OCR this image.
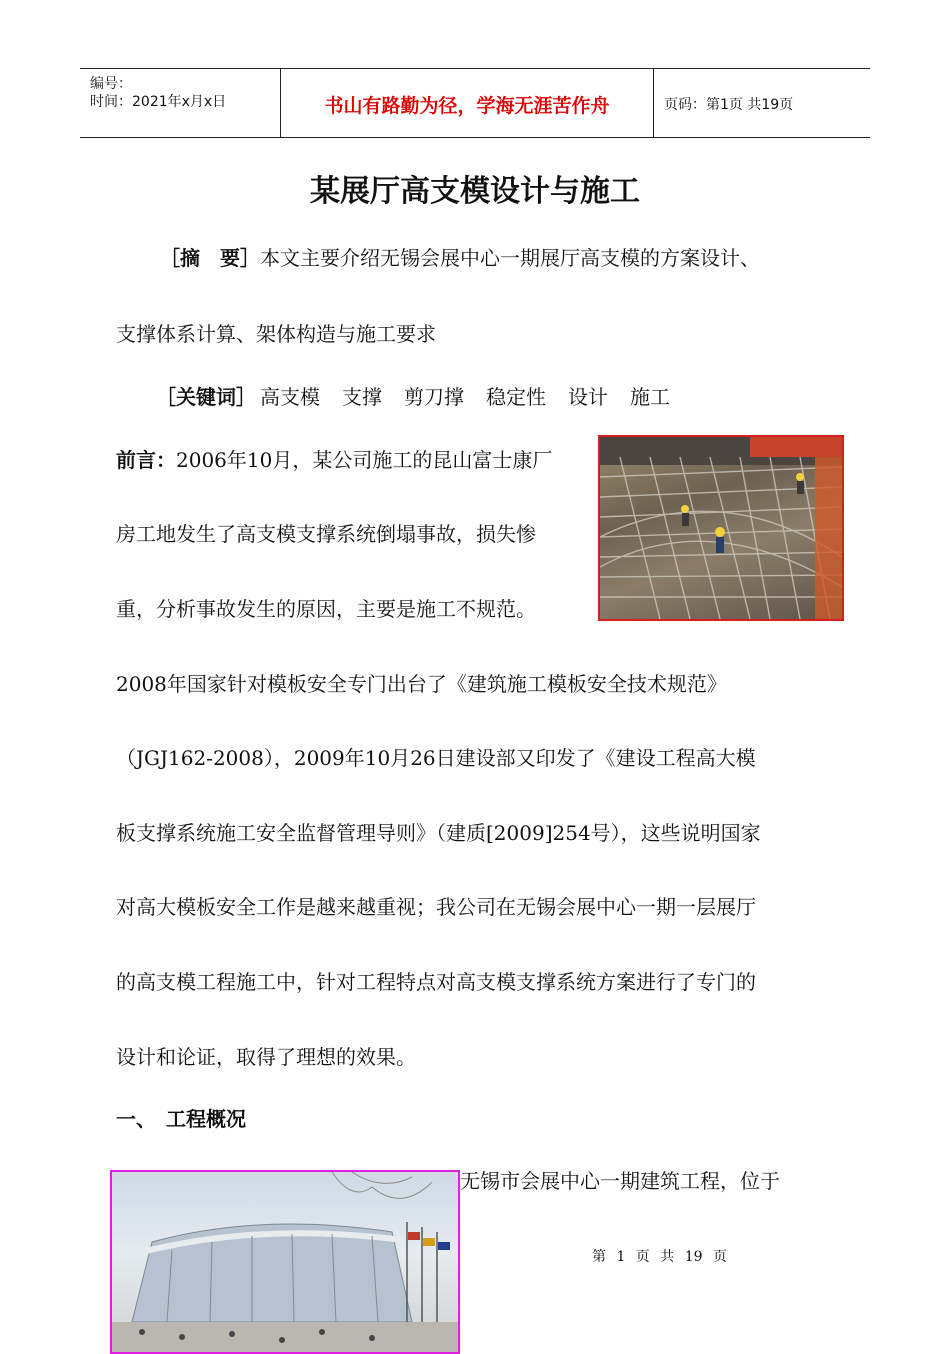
编号：
时间：2021年x月x日	书山有路勤为径，学海无涯苦作舟	页码：第1页 共19页
某展厅高支模设计与施工
［摘　要］本文主要介绍无锡会展中心一期展厅高支模的方案设计、
支撑体系计算、架体构造与施工要求
［关键词］ 高支模 支撑 剪刀撑 稳定性 设计 施工
前言：2006年10月，某公司施工的昆山富士康厂
房工地发生了高支模支撑系统倒塌事故，损失惨
重，分析事故发生的原因，主要是施工不规范。
2008年国家针对模板安全专门出台了《建筑施工模板安全技术规范》
（JGJ162-2008），2009年10月26日建设部又印发了《建设工程高大模
板支撑系统施工安全监督管理导则》（建质[2009]254号），这些说明国家
对高大模板安全工作是越来越重视；我公司在无锡会展中心一期一层展厅
的高支模工程施工中，针对工程特点对高支模支撑系统方案进行了专门的
设计和论证，取得了理想的效果。
一、　工程概况
无锡市会展中心一期建筑工程，位于
第 1 页 共 19 页
